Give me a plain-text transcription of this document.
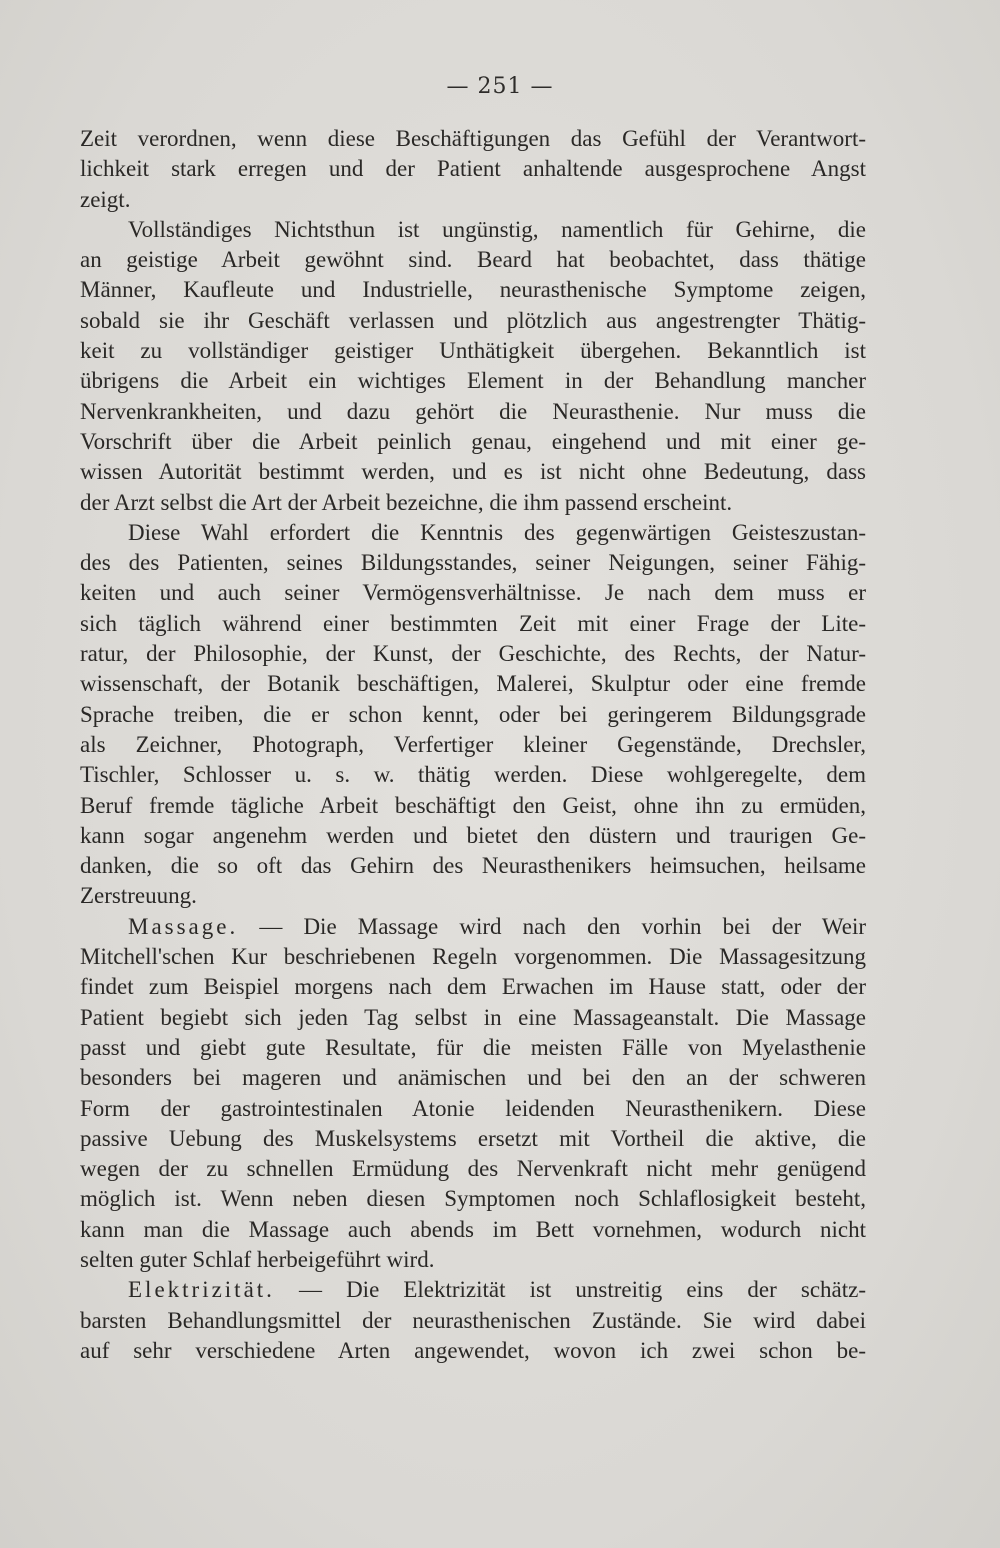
— 251 —
Zeit verordnen, wenn diese Beschäftigungen das Gefühl der Verantwort-
lichkeit stark erregen und der Patient anhaltende ausgesprochene Angst
zeigt.
Vollständiges Nichtsthun ist ungünstig, namentlich für Gehirne, die
an geistige Arbeit gewöhnt sind. Beard hat beobachtet, dass thätige
Männer, Kaufleute und Industrielle, neurasthenische Symptome zeigen,
sobald sie ihr Geschäft verlassen und plötzlich aus angestrengter Thätig-
keit zu vollständiger geistiger Unthätigkeit übergehen. Bekanntlich ist
übrigens die Arbeit ein wichtiges Element in der Behandlung mancher
Nervenkrankheiten, und dazu gehört die Neurasthenie. Nur muss die
Vorschrift über die Arbeit peinlich genau, eingehend und mit einer ge-
wissen Autorität bestimmt werden, und es ist nicht ohne Bedeutung, dass
der Arzt selbst die Art der Arbeit bezeichne, die ihm passend erscheint.
Diese Wahl erfordert die Kenntnis des gegenwärtigen Geisteszustan-
des des Patienten, seines Bildungsstandes, seiner Neigungen, seiner Fähig-
keiten und auch seiner Vermögensverhältnisse. Je nach dem muss er
sich täglich während einer bestimmten Zeit mit einer Frage der Lite-
ratur, der Philosophie, der Kunst, der Geschichte, des Rechts, der Natur-
wissenschaft, der Botanik beschäftigen, Malerei, Skulptur oder eine fremde
Sprache treiben, die er schon kennt, oder bei geringerem Bildungsgrade
als Zeichner, Photograph, Verfertiger kleiner Gegenstände, Drechsler,
Tischler, Schlosser u. s. w. thätig werden. Diese wohlgeregelte, dem
Beruf fremde tägliche Arbeit beschäftigt den Geist, ohne ihn zu ermüden,
kann sogar angenehm werden und bietet den düstern und traurigen Ge-
danken, die so oft das Gehirn des Neurasthenikers heimsuchen, heilsame
Zerstreuung.
Massage. — Die Massage wird nach den vorhin bei der Weir
Mitchell'schen Kur beschriebenen Regeln vorgenommen. Die Massagesitzung
findet zum Beispiel morgens nach dem Erwachen im Hause statt, oder der
Patient begiebt sich jeden Tag selbst in eine Massageanstalt. Die Massage
passt und giebt gute Resultate, für die meisten Fälle von Myelasthenie
besonders bei mageren und anämischen und bei den an der schweren
Form der gastrointestinalen Atonie leidenden Neurasthenikern. Diese
passive Uebung des Muskelsystems ersetzt mit Vortheil die aktive, die
wegen der zu schnellen Ermüdung des Nervenkraft nicht mehr genügend
möglich ist. Wenn neben diesen Symptomen noch Schlaflosigkeit besteht,
kann man die Massage auch abends im Bett vornehmen, wodurch nicht
selten guter Schlaf herbeigeführt wird.
Elektrizität. — Die Elektrizität ist unstreitig eins der schätz-
barsten Behandlungsmittel der neurasthenischen Zustände. Sie wird dabei
auf sehr verschiedene Arten angewendet, wovon ich zwei schon be-
